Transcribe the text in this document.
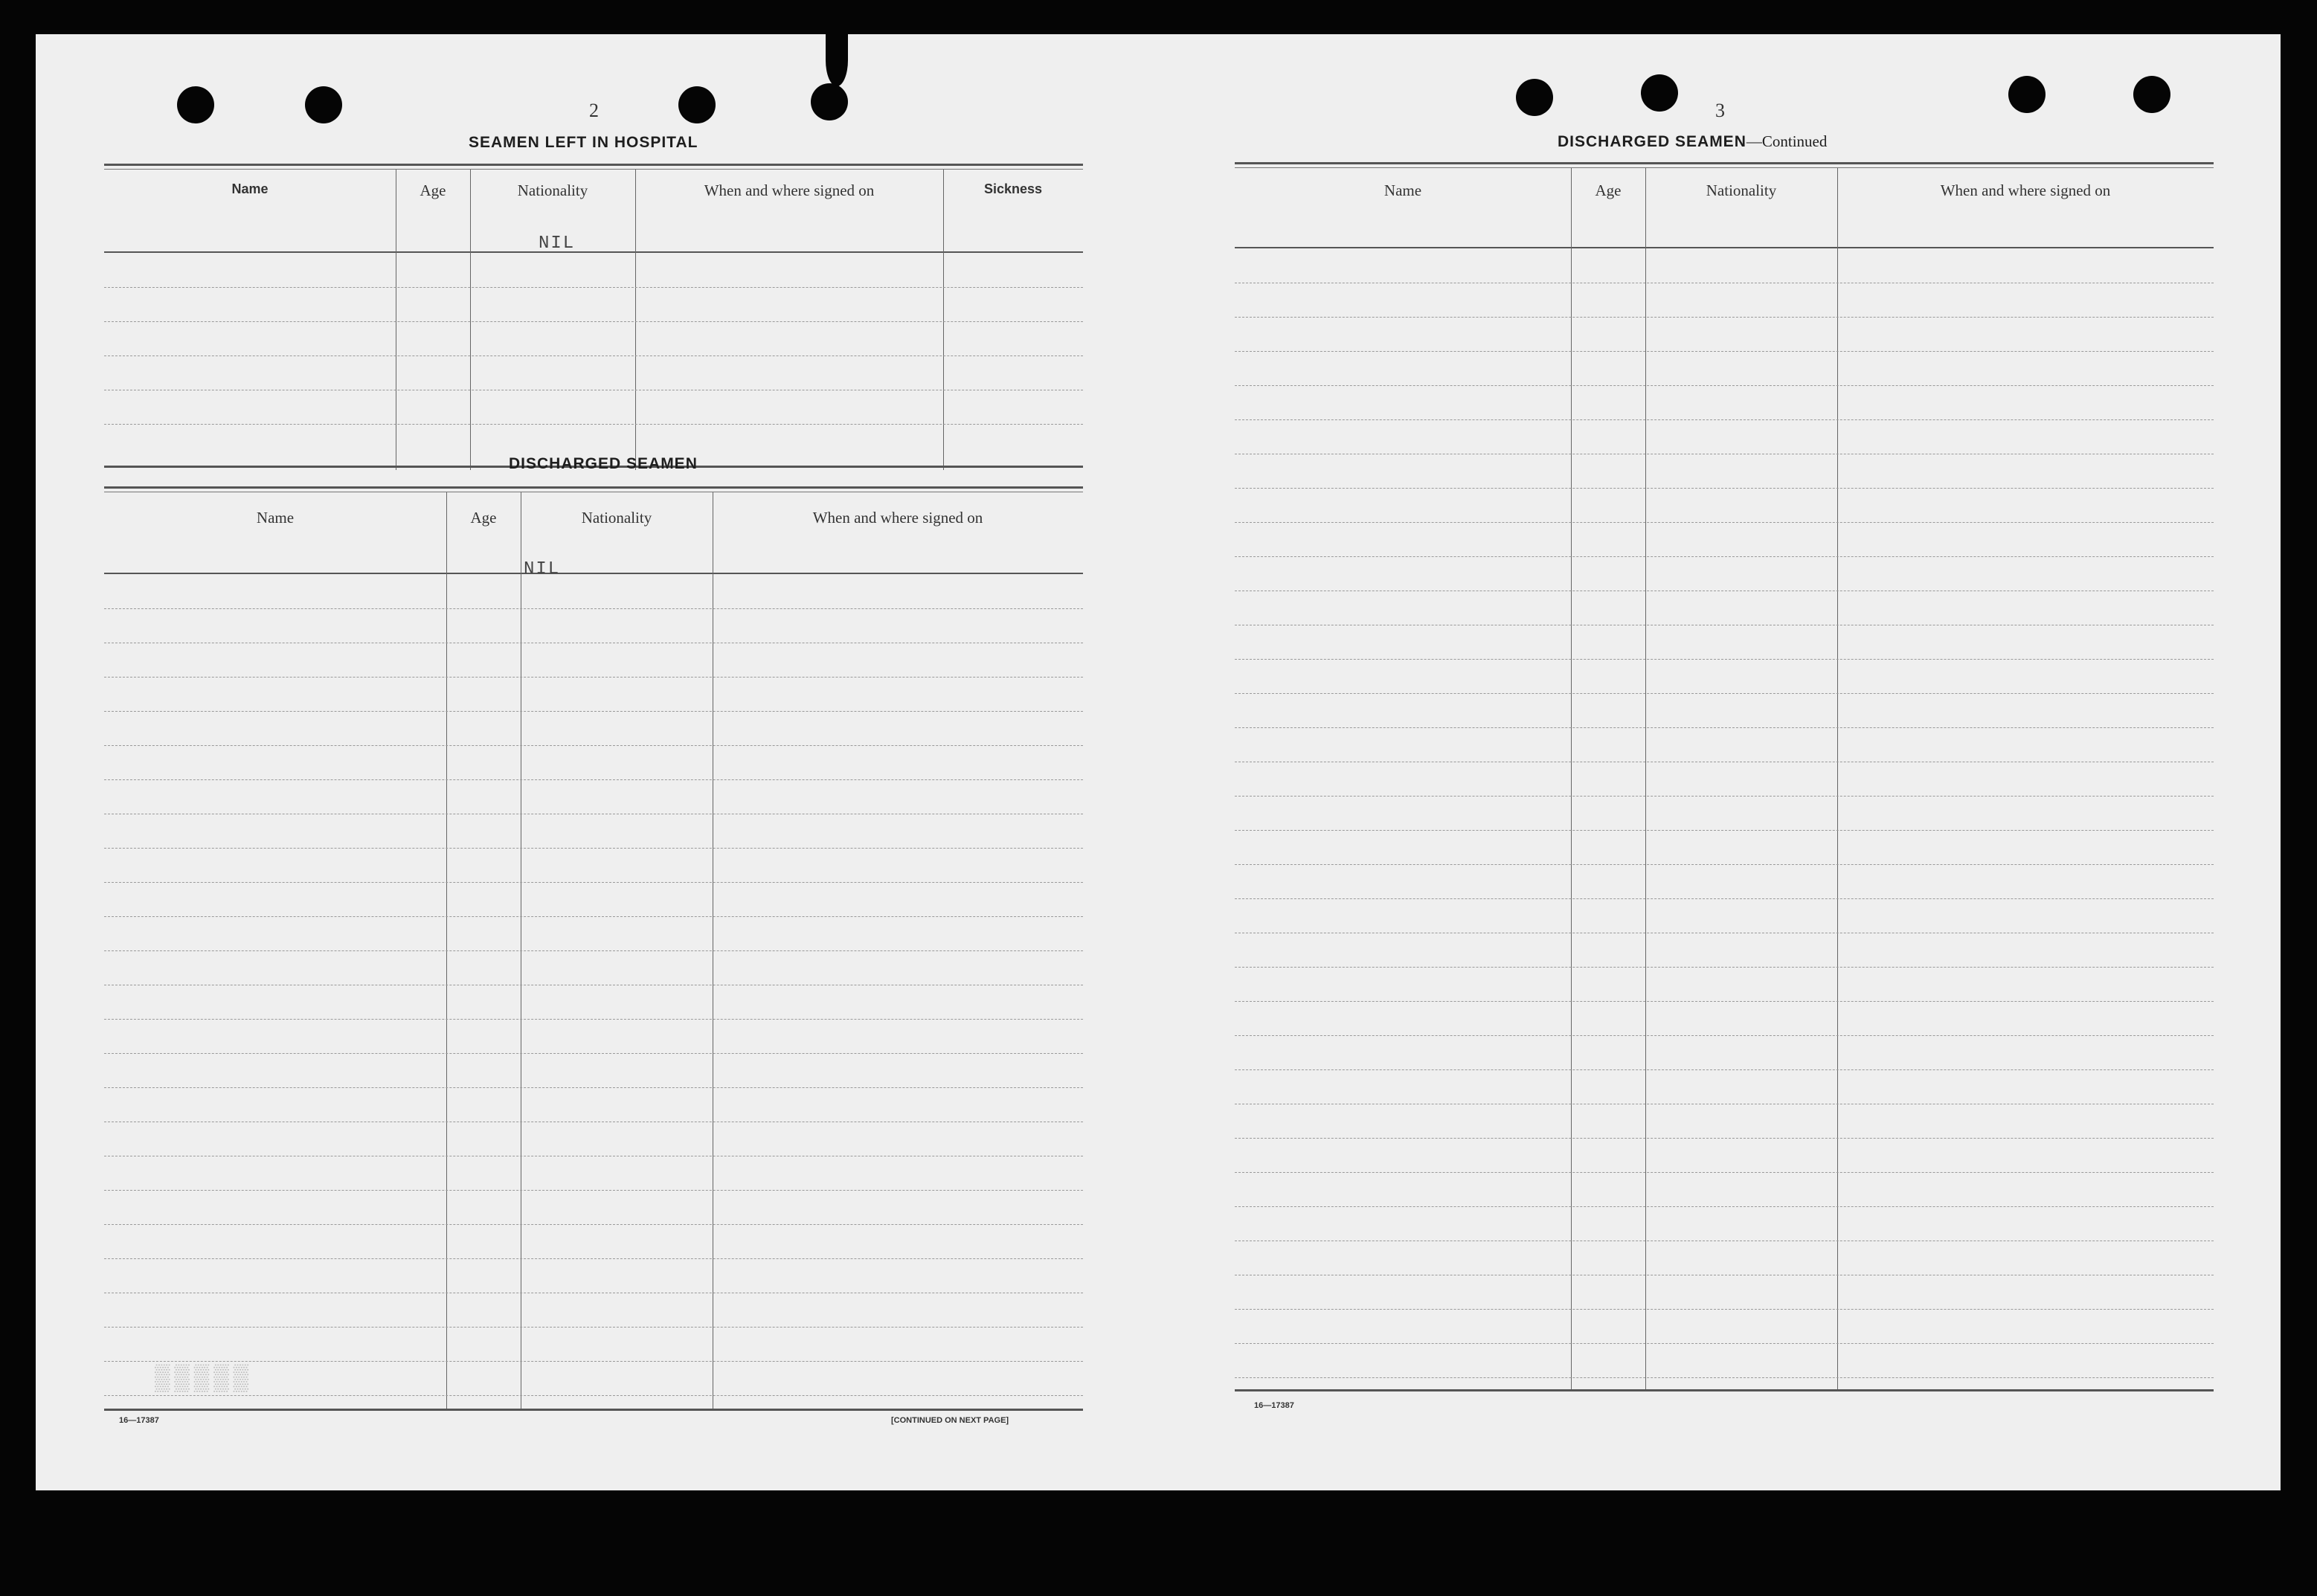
2
SEAMEN LEFT IN HOSPITAL
Name	Age	Nationality	When and where signed on	Sickness
NIL
DISCHARGED SEAMEN
Name	Age	Nationality	When and where signed on
NIL
16—17387	[CONTINUED ON NEXT PAGE]
▒▒▒▒▒
3
DISCHARGED SEAMEN—Continued
Name	Age	Nationality	When and where signed on
16—17387
